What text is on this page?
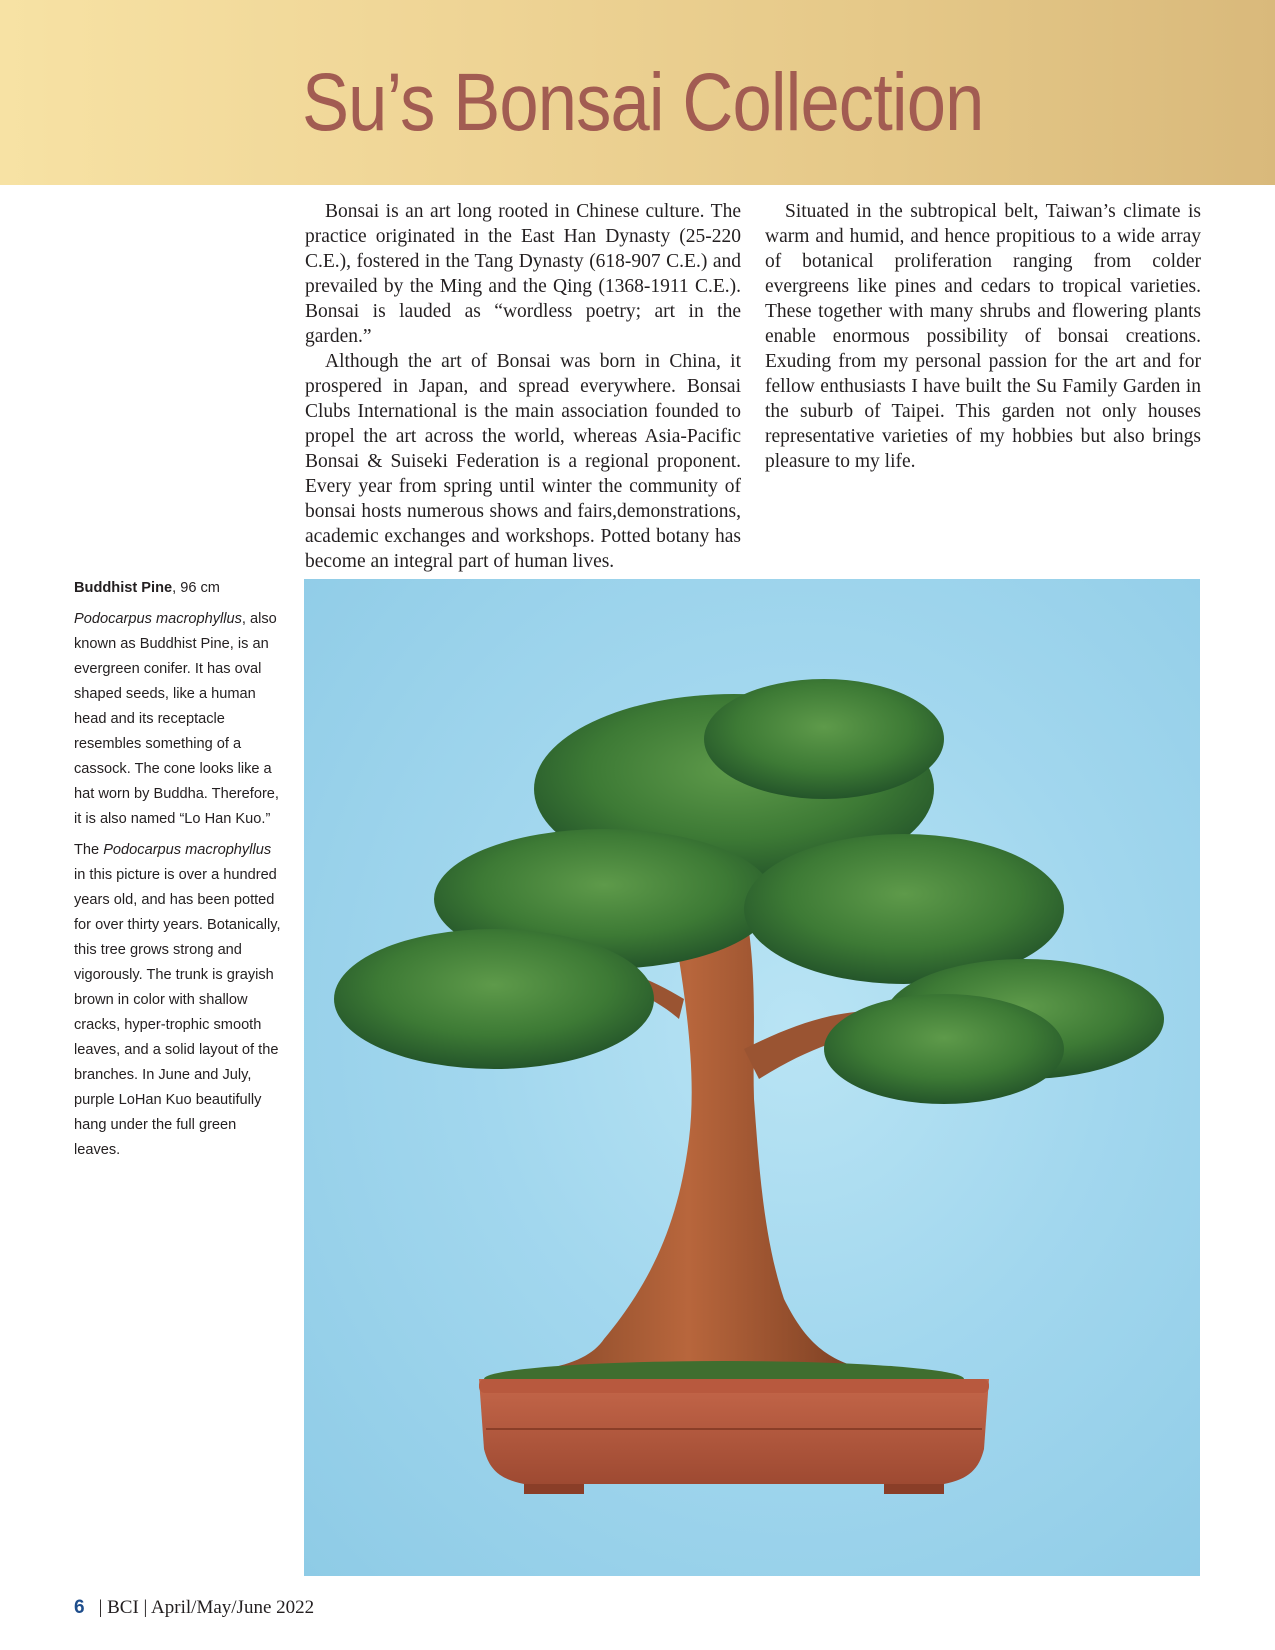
Su’s Bonsai Collection

Bonsai is an art long rooted in Chinese culture. The practice originated in the East Han Dynasty (25-220 C.E.), fostered in the Tang Dynasty (618-907 C.E.) and prevailed by the Ming and the Qing (1368-1911 C.E.). Bonsai is lauded as “wordless poetry; art in the garden.”

Although the art of Bonsai was born in China, it prospered in Japan, and spread everywhere. Bonsai Clubs International is the main association founded to propel the art across the world, whereas Asia-Pacific Bonsai & Suiseki Federation is a regional proponent. Every year from spring until winter the community of bonsai hosts numerous shows and fairs,demonstrations, academic exchanges and workshops. Potted botany has become an integral part of human lives.

Situated in the subtropical belt, Taiwan’s climate is warm and humid, and hence propitious to a wide array of botanical proliferation ranging from colder evergreens like pines and cedars to tropical varieties. These together with many shrubs and flowering plants enable enormous possibility of bonsai creations. Exuding from my personal passion for the art and for fellow enthusiasts I have built the Su Family Garden in the suburb of Taipei. This garden not only houses representative varieties of my hobbies but also brings pleasure to my life.

Buddhist Pine, 96 cm

Podocarpus macrophyllus, also known as Buddhist Pine, is an evergreen conifer. It has oval shaped seeds, like a human head and its receptacle resembles something of a cassock. The cone looks like a hat worn by Buddha. Therefore, it is also named “Lo Han Kuo.”

The Podocarpus macrophyllus in this picture is over a hundred years old, and has been potted for over thirty years. Botanically, this tree grows strong and vigorously. The trunk is grayish brown in color with shallow cracks, hyper-trophic smooth leaves, and a solid layout of the branches. In June and July, purple LoHan Kuo beautifully hang under the full green leaves.

6 | BCI | April/May/June 2022
